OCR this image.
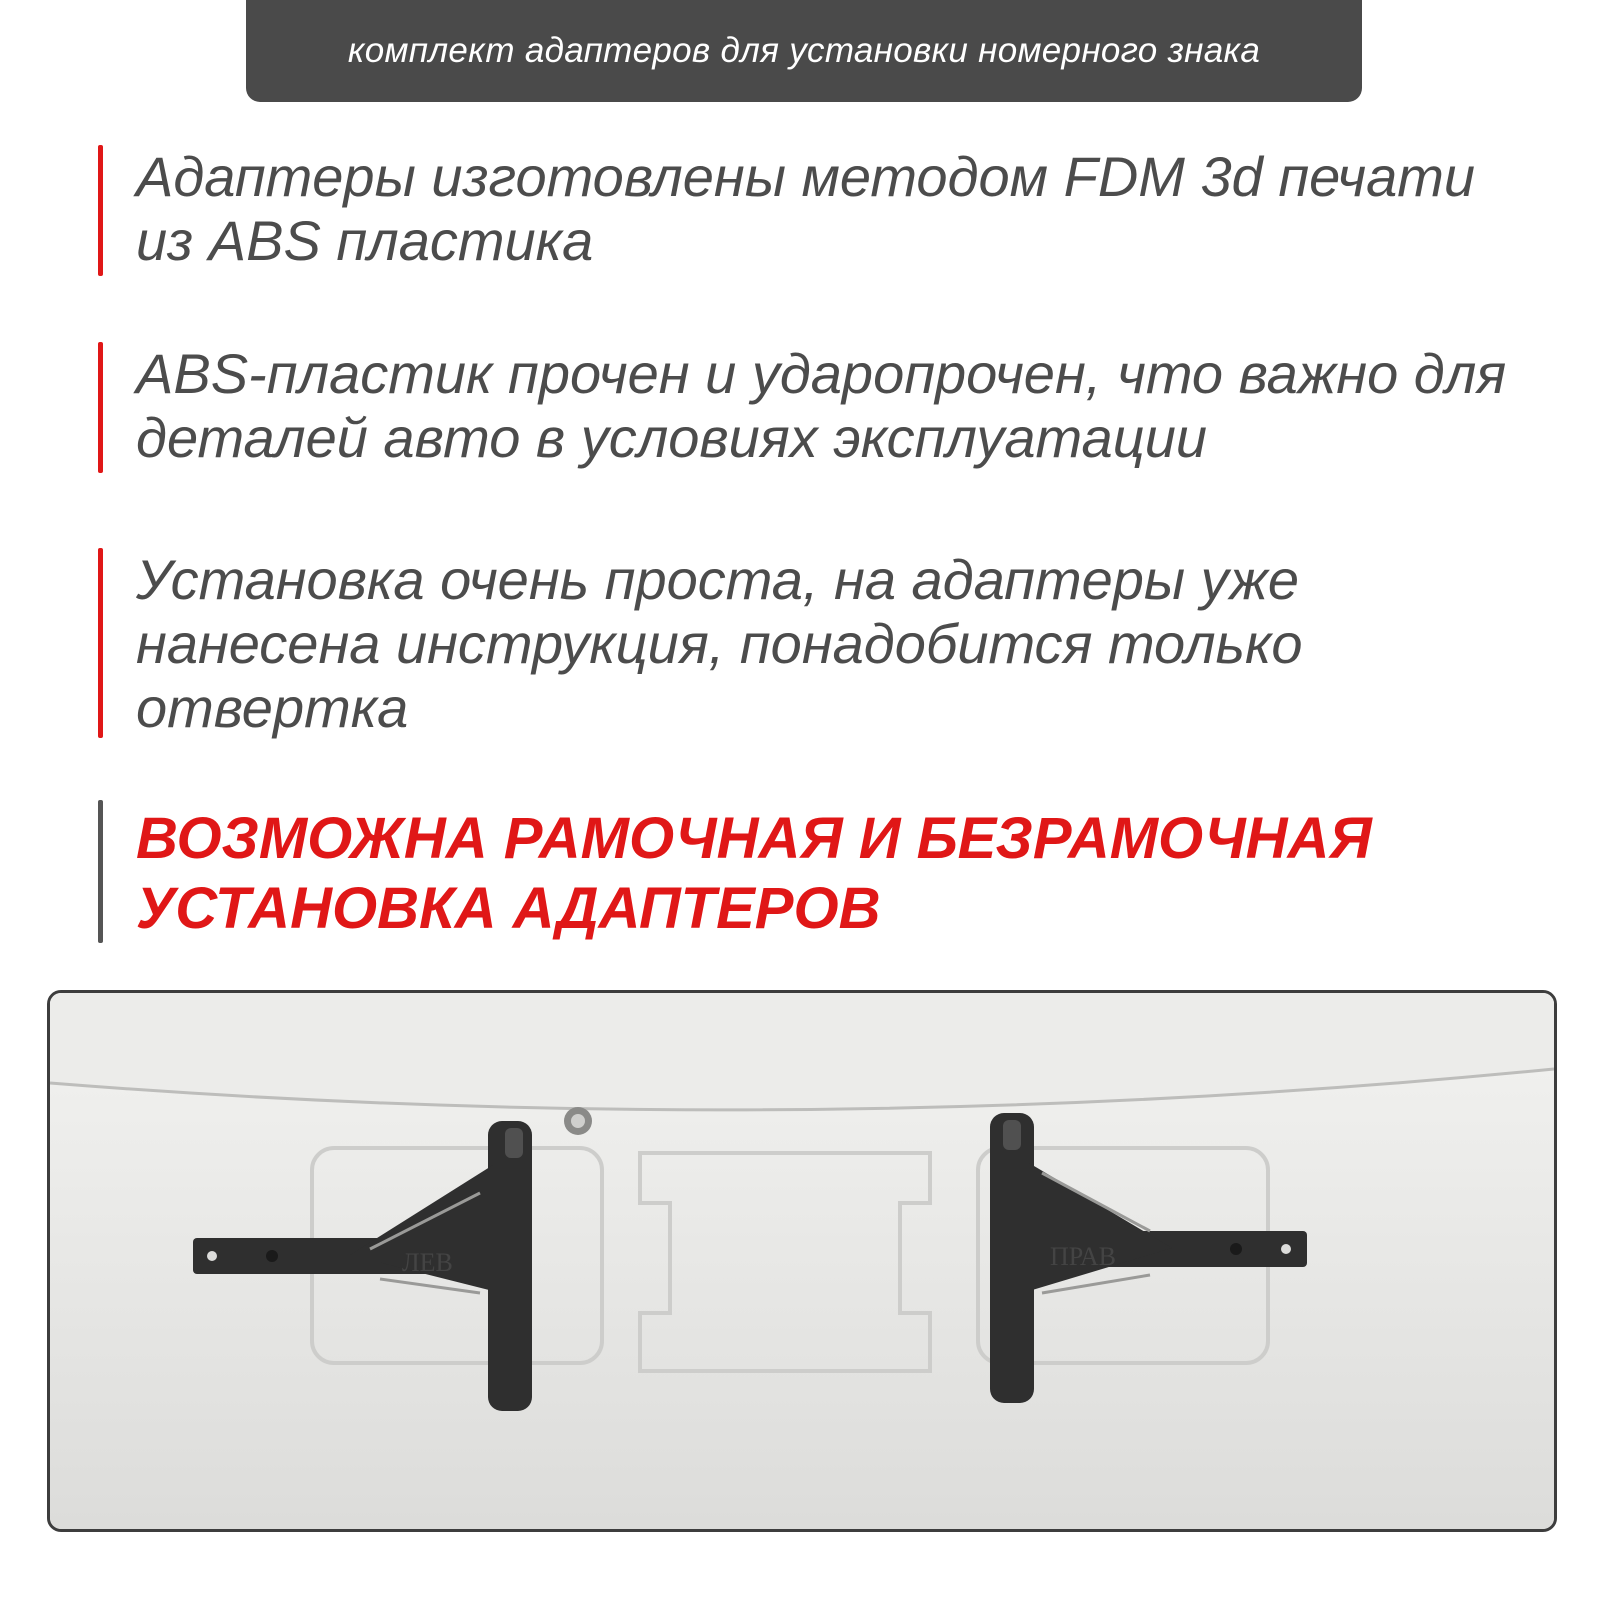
комплект адаптеров для установки номерного знака
Адаптеры изготовлены методом FDM 3d печати из ABS пластика
ABS-пластик прочен и ударопрочен, что важно для деталей авто в условиях эксплуатации
Установка очень проста, на адаптеры уже нанесена инструкция, понадобится только отвертка
ВОЗМОЖНА РАМОЧНАЯ И БЕЗРАМОЧНАЯ УСТАНОВКА АДАПТЕРОВ
ЛЕВ	ПРАВ
